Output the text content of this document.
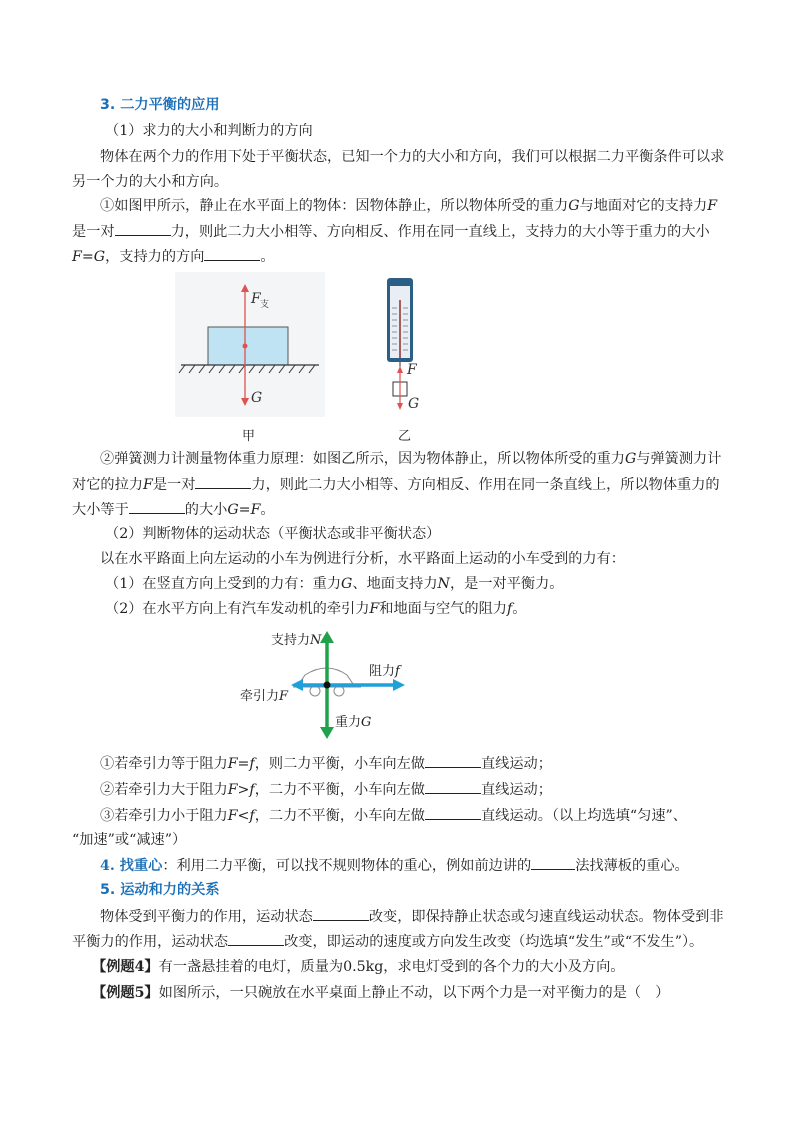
3. 二力平衡的应用
（1）求力的大小和判断力的方向
物体在两个力的作用下处于平衡状态，已知一个力的大小和方向，我们可以根据二力平衡条件可以求
另一个力的大小和方向。
①如图甲所示，静止在水平面上的物体：因物体静止，所以物体所受的重力G与地面对它的支持力F
是一对	力，则此二力大小相等、方向相反、作用在同一直线上，支持力的大小等于重力的大小
F=G，支持力的方向	。
F 支
G
甲
F
G
乙
②弹簧测力计测量物体重力原理：如图乙所示，因为物体静止，所以物体所受的重力G与弹簧测力计
对它的拉力F是一对	力，则此二力大小相等、方向相反、作用在同一条直线上，所以物体重力的
大小等于	的大小G=F。
（2）判断物体的运动状态（平衡状态或非平衡状态）
以在水平路面上向左运动的小车为例进行分析，水平路面上运动的小车受到的力有：
（1）在竖直方向上受到的力有：重力G、地面支持力N，是一对平衡力。
（2）在水平方向上有汽车发动机的牵引力F和地面与空气的阻力f。
支持力N
阻力f
牵引力F
重力G
①若牵引力等于阻力F=f，则二力平衡，小车向左做	直线运动；
②若牵引力大于阻力F>f，二力不平衡，小车向左做	直线运动；
③若牵引力小于阻力F<f，二力不平衡，小车向左做	直线运动。（以上均选填“匀速”、
“加速”或“减速”）
4. 找重心：利用二力平衡，可以找不规则物体的重心，例如前边讲的	法找薄板的重心。
5. 运动和力的关系
物体受到平衡力的作用，运动状态	改变，即保持静止状态或匀速直线运动状态。物体受到非
平衡力的作用，运动状态	改变，即运动的速度或方向发生改变（均选填“发生”或“不发生”）。
【例题4】有一盏悬挂着的电灯，质量为0.5kg，求电灯受到的各个力的大小及方向。
【例题5】如图所示，一只碗放在水平桌面上静止不动，以下两个力是一对平衡力的是（　）
